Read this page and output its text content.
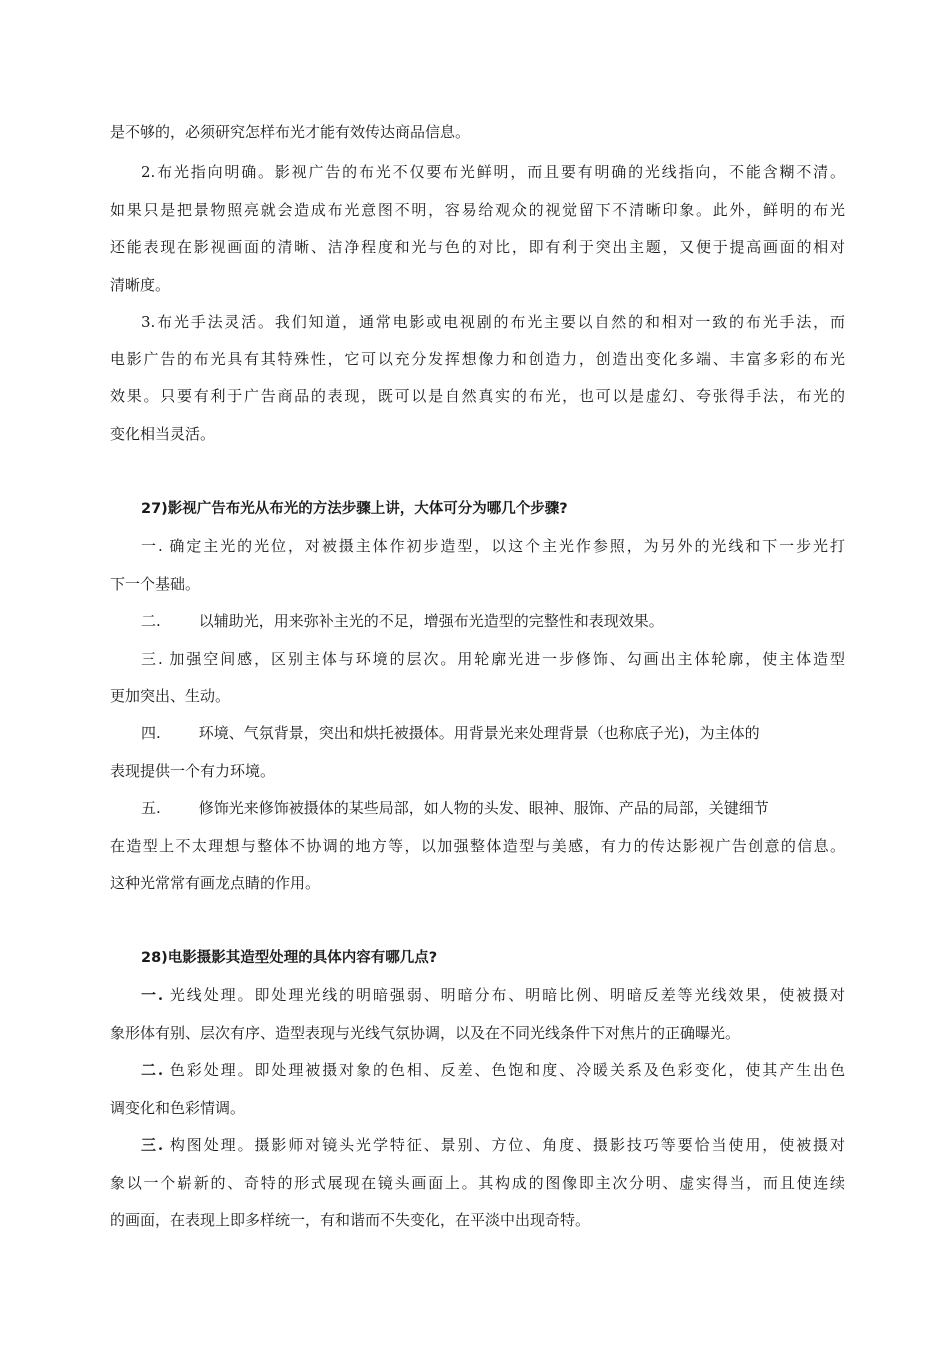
是不够的，必须研究怎样布光才能有效传达商品信息。
2.布光指向明确。影视广告的布光不仅要布光鲜明，而且要有明确的光线指向，不能含糊不清。
如果只是把景物照亮就会造成布光意图不明，容易给观众的视觉留下不清晰印象。此外，鲜明的布光
还能表现在影视画面的清晰、洁净程度和光与色的对比，即有利于突出主题，又便于提高画面的相对
清晰度。
3.布光手法灵活。我们知道，通常电影或电视剧的布光主要以自然的和相对一致的布光手法，而
电影广告的布光具有其特殊性，它可以充分发挥想像力和创造力，创造出变化多端、丰富多彩的布光
效果。只要有利于广告商品的表现，既可以是自然真实的布光，也可以是虚幻、夸张得手法，布光的
变化相当灵活。
27)影视广告布光从布光的方法步骤上讲，大体可分为哪几个步骤?
一. 确定主光的光位，对被摄主体作初步造型，以这个主光作参照，为另外的光线和下一步光打
下一个基础。
二.	以辅助光，用来弥补主光的不足，增强布光造型的完整性和表现效果。
三. 加强空间感，区别主体与环境的层次。用轮廓光进一步修饰、勾画出主体轮廓，使主体造型
更加突出、生动。
四.	环境、气氛背景，突出和烘托被摄体。用背景光来处理背景（也称底子光)，为主体的
表现提供一个有力环境。
五.	修饰光来修饰被摄体的某些局部，如人物的头发、眼神、服饰、产品的局部，关键细节
在造型上不太理想与整体不协调的地方等，以加强整体造型与美感，有力的传达影视广告创意的信息。
这种光常常有画龙点睛的作用。
28)电影摄影其造型处理的具体内容有哪几点?
一. 光线处理。即处理光线的明暗强弱、明暗分布、明暗比例、明暗反差等光线效果，使被摄对
象形体有别、层次有序、造型表现与光线气氛协调，以及在不同光线条件下对焦片的正确曝光。
二. 色彩处理。即处理被摄对象的色相、反差、色饱和度、冷暖关系及色彩变化，使其产生出色
调变化和色彩情调。
三. 构图处理。摄影师对镜头光学特征、景别、方位、角度、摄影技巧等要恰当使用，使被摄对
象以一个崭新的、奇特的形式展现在镜头画面上。其构成的图像即主次分明、虚实得当，而且使连续
的画面，在表现上即多样统一，有和谐而不失变化，在平淡中出现奇特。
